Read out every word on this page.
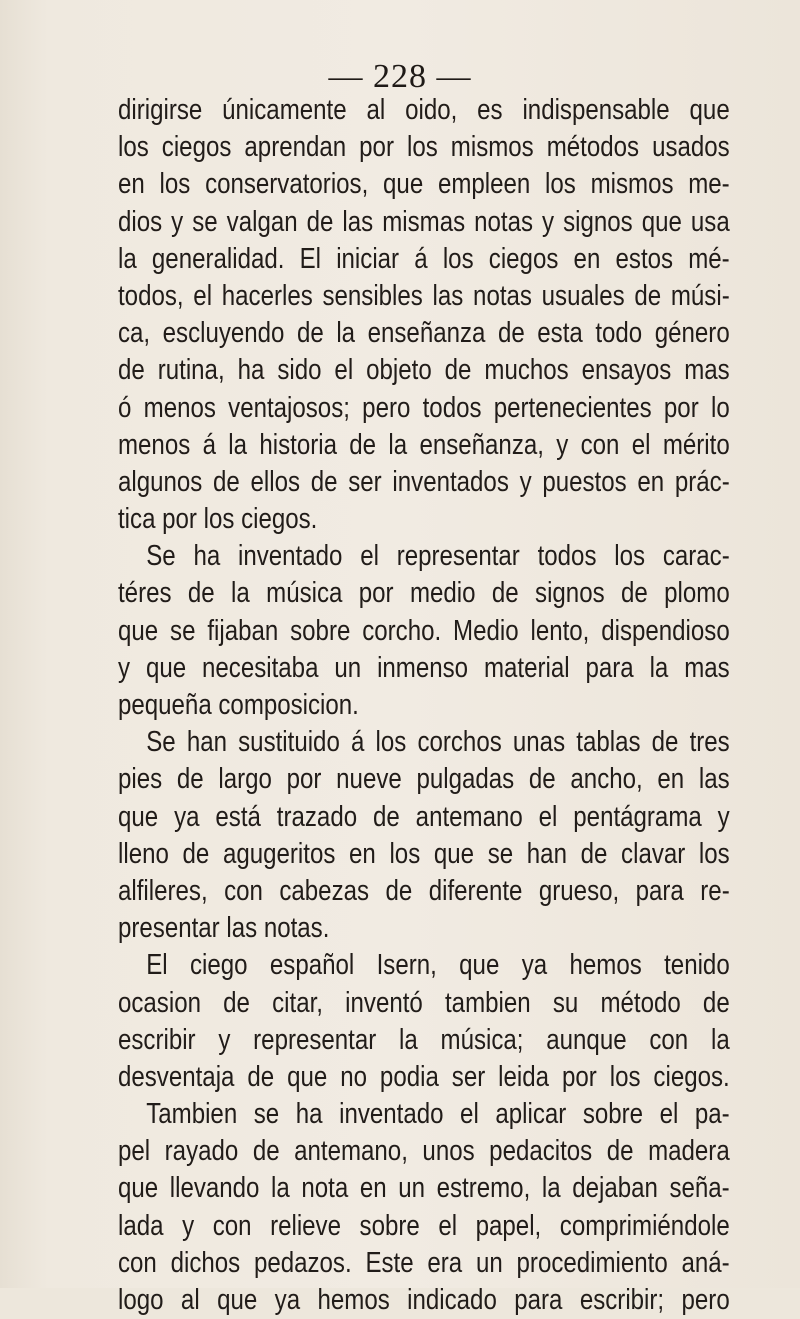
— 228 —
dirigirse únicamente al oido, es indispensable que
los ciegos aprendan por los mismos métodos usados
en los conservatorios, que empleen los mismos me-
dios y se valgan de las mismas notas y signos que usa
la generalidad. El iniciar á los ciegos en estos mé-
todos, el hacerles sensibles las notas usuales de músi-
ca, escluyendo de la enseñanza de esta todo género
de rutina, ha sido el objeto de muchos ensayos mas
ó menos ventajosos; pero todos pertenecientes por lo
menos á la historia de la enseñanza, y con el mérito
algunos de ellos de ser inventados y puestos en prác-
tica por los ciegos.
Se ha inventado el representar todos los carac-
téres de la música por medio de signos de plomo
que se fijaban sobre corcho. Medio lento, dispendioso
y que necesitaba un inmenso material para la mas
pequeña composicion.
Se han sustituido á los corchos unas tablas de tres
pies de largo por nueve pulgadas de ancho, en las
que ya está trazado de antemano el pentágrama y
lleno de agugeritos en los que se han de clavar los
alfileres, con cabezas de diferente grueso, para re-
presentar las notas.
El ciego español Isern, que ya hemos tenido
ocasion de citar, inventó tambien su método de
escribir y representar la música; aunque con la
desventaja de que no podia ser leida por los ciegos.
Tambien se ha inventado el aplicar sobre el pa-
pel rayado de antemano, unos pedacitos de madera
que llevando la nota en un estremo, la dejaban seña-
lada y con relieve sobre el papel, comprimiéndole
con dichos pedazos. Este era un procedimiento aná-
logo al que ya hemos indicado para escribir; pero
